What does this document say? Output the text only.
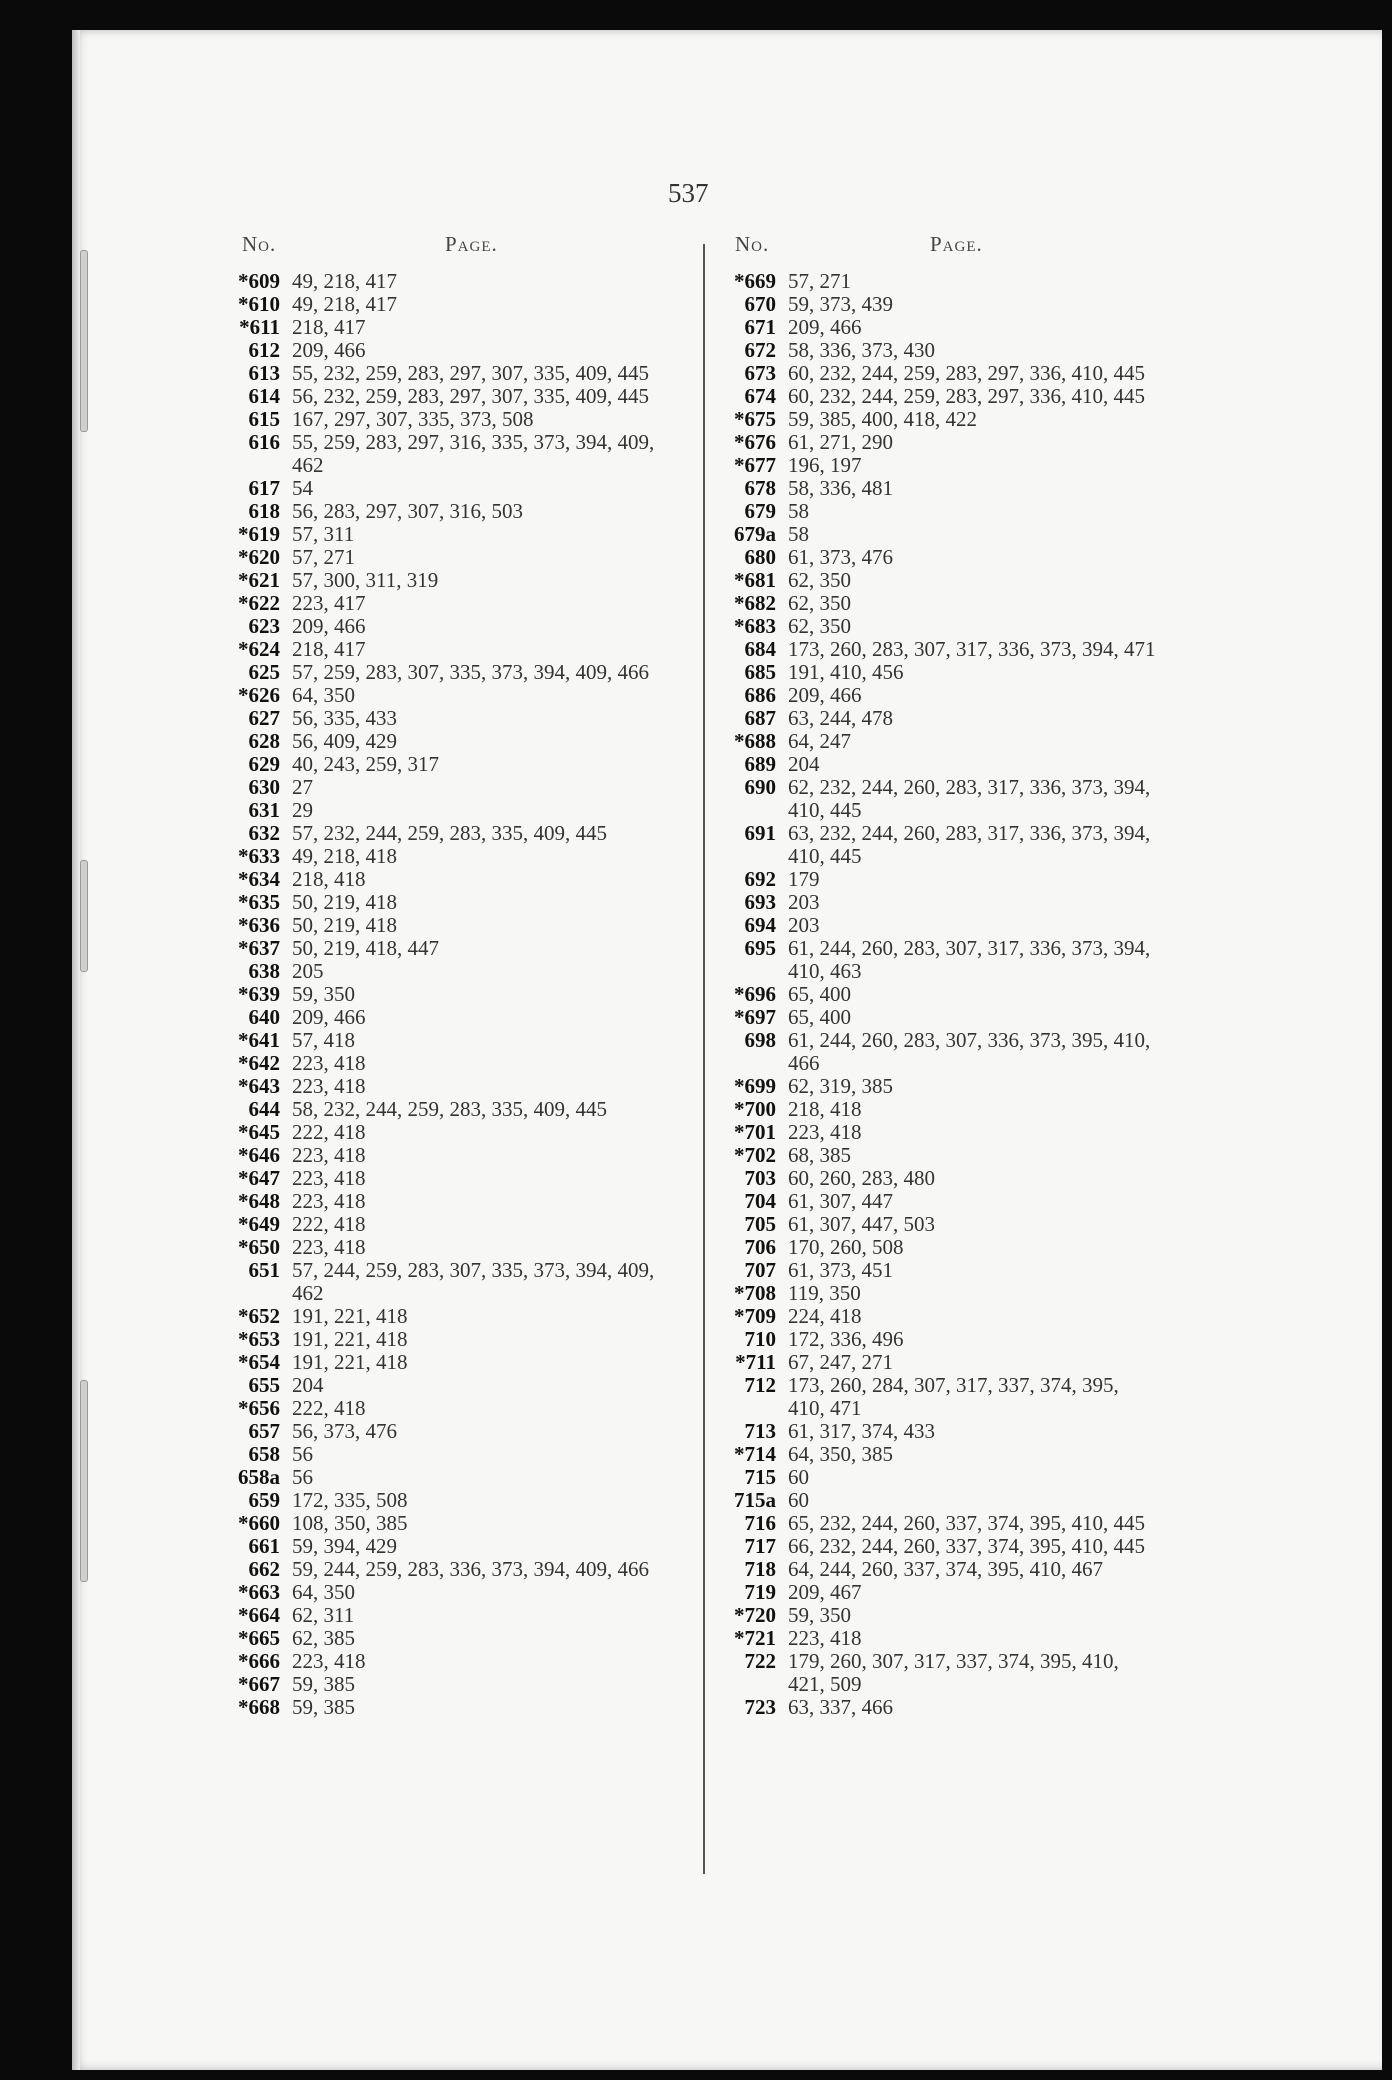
537
No.	Page.	No.	Page.
*609 49, 218, 417
*610 49, 218, 417
*611 218, 417
612 209, 466
613 55, 232, 259, 283, 297, 307, 335, 409, 445
614 56, 232, 259, 283, 297, 307, 335, 409, 445
615 167, 297, 307, 335, 373, 508
616 55, 259, 283, 297, 316, 335, 373, 394, 409, 462
617 54
618 56, 283, 297, 307, 316, 503
*619 57, 311
*620 57, 271
*621 57, 300, 311, 319
*622 223, 417
623 209, 466
*624 218, 417
625 57, 259, 283, 307, 335, 373, 394, 409, 466
*626 64, 350
627 56, 335, 433
628 56, 409, 429
629 40, 243, 259, 317
630 27
631 29
632 57, 232, 244, 259, 283, 335, 409, 445
*633 49, 218, 418
*634 218, 418
*635 50, 219, 418
*636 50, 219, 418
*637 50, 219, 418, 447
638 205
*639 59, 350
640 209, 466
*641 57, 418
*642 223, 418
*643 223, 418
644 58, 232, 244, 259, 283, 335, 409, 445
*645 222, 418
*646 223, 418
*647 223, 418
*648 223, 418
*649 222, 418
*650 223, 418
651 57, 244, 259, 283, 307, 335, 373, 394, 409, 462
*652 191, 221, 418
*653 191, 221, 418
*654 191, 221, 418
655 204
*656 222, 418
657 56, 373, 476
658 56
658a 56
659 172, 335, 508
*660 108, 350, 385
661 59, 394, 429
662 59, 244, 259, 283, 336, 373, 394, 409, 466
*663 64, 350
*664 62, 311
*665 62, 385
*666 223, 418
*667 59, 385
*668 59, 385
*669 57, 271
670 59, 373, 439
671 209, 466
672 58, 336, 373, 430
673 60, 232, 244, 259, 283, 297, 336, 410, 445
674 60, 232, 244, 259, 283, 297, 336, 410, 445
*675 59, 385, 400, 418, 422
*676 61, 271, 290
*677 196, 197
678 58, 336, 481
679 58
679a 58
680 61, 373, 476
*681 62, 350
*682 62, 350
*683 62, 350
684 173, 260, 283, 307, 317, 336, 373, 394, 471
685 191, 410, 456
686 209, 466
687 63, 244, 478
*688 64, 247
689 204
690 62, 232, 244, 260, 283, 317, 336, 373, 394, 410, 445
691 63, 232, 244, 260, 283, 317, 336, 373, 394, 410, 445
692 179
693 203
694 203
695 61, 244, 260, 283, 307, 317, 336, 373, 394, 410, 463
*696 65, 400
*697 65, 400
698 61, 244, 260, 283, 307, 336, 373, 395, 410, 466
*699 62, 319, 385
*700 218, 418
*701 223, 418
*702 68, 385
703 60, 260, 283, 480
704 61, 307, 447
705 61, 307, 447, 503
706 170, 260, 508
707 61, 373, 451
*708 119, 350
*709 224, 418
710 172, 336, 496
*711 67, 247, 271
712 173, 260, 284, 307, 317, 337, 374, 395, 410, 471
713 61, 317, 374, 433
*714 64, 350, 385
715 60
715a 60
716 65, 232, 244, 260, 337, 374, 395, 410, 445
717 66, 232, 244, 260, 337, 374, 395, 410, 445
718 64, 244, 260, 337, 374, 395, 410, 467
719 209, 467
*720 59, 350
*721 223, 418
722 179, 260, 307, 317, 337, 374, 395, 410, 421, 509
723 63, 337, 466
